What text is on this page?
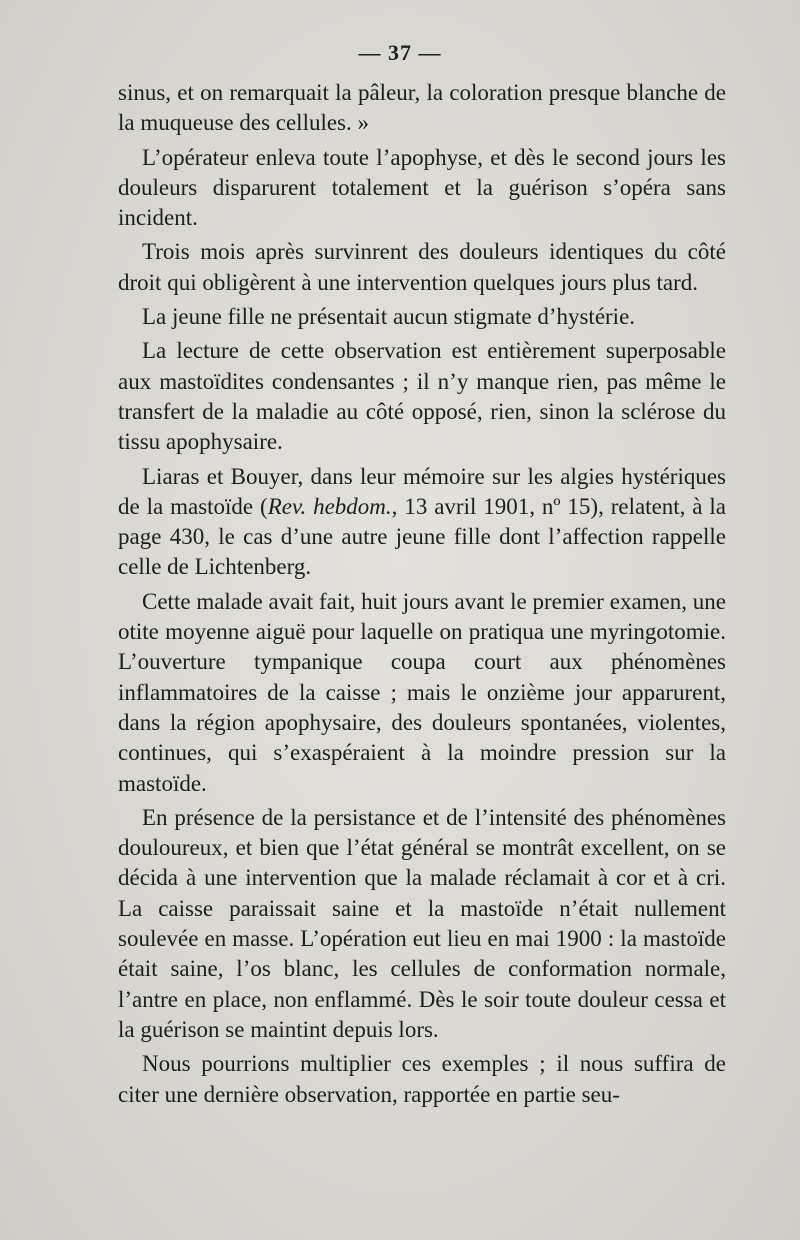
— 37 —

sinus, et on remarquait la pâleur, la coloration presque blanche de la muqueuse des cellules. »

L’opérateur enleva toute l’apophyse, et dès le second jours les douleurs disparurent totalement et la guérison s’opéra sans incident.

Trois mois après survinrent des douleurs identiques du côté droit qui obligèrent à une intervention quelques jours plus tard.

La jeune fille ne présentait aucun stigmate d’hystérie.

La lecture de cette observation est entièrement superposable aux mastoïdites condensantes ; il n’y manque rien, pas même le transfert de la maladie au côté opposé, rien, sinon la sclérose du tissu apophysaire.

Liaras et Bouyer, dans leur mémoire sur les algies hystériques de la mastoïde (Rev. hebdom., 13 avril 1901, nº 15), relatent, à la page 430, le cas d’une autre jeune fille dont l’affection rappelle celle de Lichtenberg.

Cette malade avait fait, huit jours avant le premier examen, une otite moyenne aiguë pour laquelle on pratiqua une myringotomie. L’ouverture tympanique coupa court aux phénomènes inflammatoires de la caisse ; mais le onzième jour apparurent, dans la région apophysaire, des douleurs spontanées, violentes, continues, qui s’exaspéraient à la moindre pression sur la mastoïde.

En présence de la persistance et de l’intensité des phénomènes douloureux, et bien que l’état général se montrât excellent, on se décida à une intervention que la malade réclamait à cor et à cri. La caisse paraissait saine et la mastoïde n’était nullement soulevée en masse. L’opération eut lieu en mai 1900 : la mastoïde était saine, l’os blanc, les cellules de conformation normale, l’antre en place, non enflammé. Dès le soir toute douleur cessa et la guérison se maintint depuis lors.

Nous pourrions multiplier ces exemples ; il nous suffira de citer une dernière observation, rapportée en partie seu-
